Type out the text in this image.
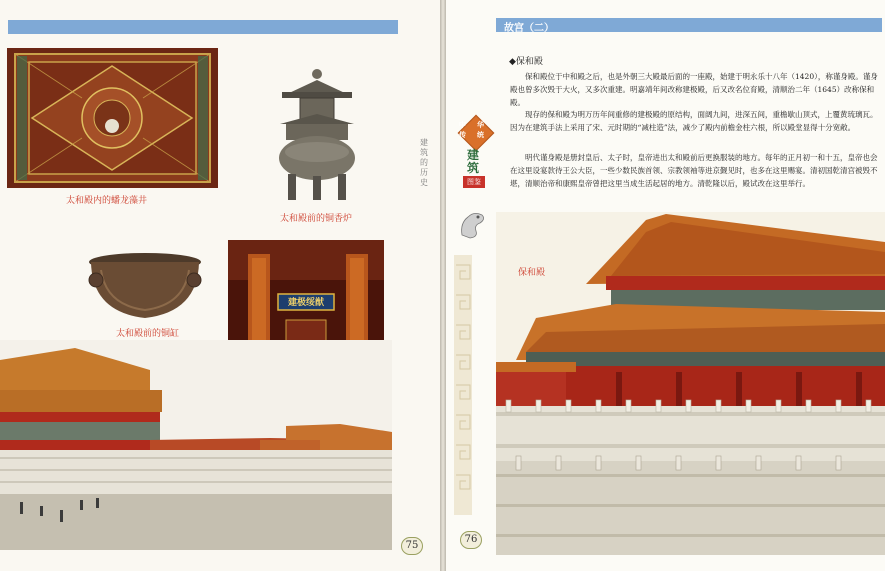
太和殿内的蟠龙藻井
太和殿前的铜香炉
太和殿前的铜缸
建极绥猷
建筑的历史
75
故宫（二）
◆保和殿
保和殿位于中和殿之后，也是外朝三大殿最后面的一座殿，始建于明永乐十八年（1420），称谨身殿。谨身殿也曾多次毁于大火，又多次重建。明嘉靖年间改称建极殿，后又改名位育殿，清顺治二年（1645）改称保和殿。
现存的保和殿为明万历年间重修的建极殿的原结构，面阔九间，进深五间，重檐歇山顶式，上覆黄琉璃瓦。因为在建筑手法上采用了宋、元时期的“减柱造”法，减少了殿内前檐金柱六根，所以殿堂显得十分宽敞。
明代谨身殿是册封皇后、太子时，皇帝进出太和殿前后更换服装的地方。每年的正月初一和十五，皇帝也会在这里设宴款待王公大臣，一些少数民族首领、宗教领袖等进京觐见时，也多在这里赐宴。清初国乾清宫被毁不堪，清顺治帝和康熙皇帝曾把这里当成生活起居的地方。清乾隆以后，殿试改在这里举行。
中 华
传 统
建筑
图鉴
保和殿
76
